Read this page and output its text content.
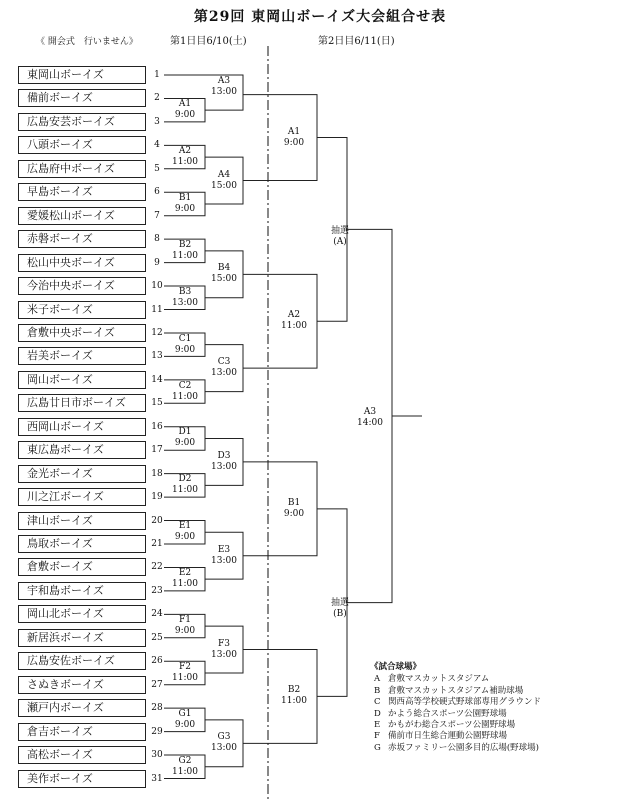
第29回 東岡山ボーイズ大会組合せ表
《 開会式　行いません》	第1日目6/10(土)	第2日目6/11(日)
東岡山ボーイズ	1
備前ボーイズ	2
広島安芸ボーイズ	3
八頭ボーイズ	4
広島府中ボーイズ	5
早島ボーイズ	6
愛媛松山ボーイズ	7
赤磐ボーイズ	8
松山中央ボーイズ	9
今治中央ボーイズ	10
米子ボーイズ	11
倉敷中央ボーイズ	12
岩美ボーイズ	13
岡山ボーイズ	14
広島廿日市ボーイズ	15
西岡山ボーイズ	16
東広島ボーイズ	17
金光ボーイズ	18
川之江ボーイズ	19
津山ボーイズ	20
鳥取ボーイズ	21
倉敷ボーイズ	22
宇和島ボーイズ	23
岡山北ボーイズ	24
新居浜ボーイズ	25
広島安佐ボーイズ	26
さぬきボーイズ	27
瀬戸内ボーイズ	28
倉吉ボーイズ	29
高松ボーイズ	30
美作ボーイズ	31
A1
9:00
A3
13:00
A2
11:00
B1
9:00
A4
15:00
B2
11:00
B3
13:00
B4
15:00
C1
9:00
C2
11:00
C3
13:00
D1
9:00
D2
11:00
D3
13:00
E1
9:00
E2
11:00
E3
13:00
F1
9:00
F2
11:00
F3
13:00
G1
9:00
G2
11:00
G3
13:00
A1
9:00
A2
11:00
B1
9:00
B2
11:00
A3
14:00
抽選
(A)
抽選
(B)
《試合球場》
A 倉敷マスカットスタジアム
B 倉敷マスカットスタジアム補助球場
C 関西高等学校硬式野球部専用グラウンド
D かよう総合スポーツ公園野球場
E かもがわ総合スポーツ公園野球場
F 備前市日生総合運動公園野球場
G 赤坂ファミリー公園多目的広場(野球場)
